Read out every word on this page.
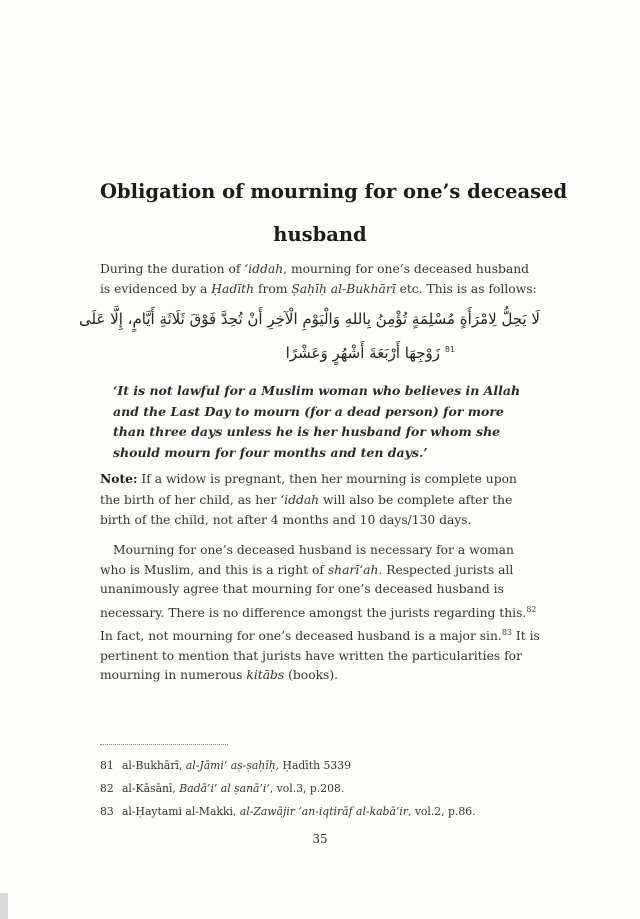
Obligation of mourning for one’s deceased
husband
During the duration of ‘iddah, mourning for one’s deceased husband is evidenced by a Ḥadīth from Ṣaḥīḥ al-Bukhārī etc. This is as follows:
لَا يَحِلُّ لِامْرَأَةٍ مُسْلِمَةٍ تُؤْمِنُ بِاللهِ وَالْيَوْمِ الْآخِرِ أَنْ تُحِدَّ فَوْقَ ثَلَاثَةِ أَيَّامٍ، إِلَّا عَلَى
$^{81}$ زَوْجِهَا أَرْبَعَةَ أَشْهُرٍ وَعَشْرًا
‘It is not lawful for a Muslim woman who believes in Allah and the Last Day to mourn (for a dead person) for more than three days unless he is her husband for whom she should mourn for four months and ten days.’
Note: If a widow is pregnant, then her mourning is complete upon the birth of her child, as her ‘iddah will also be complete after the birth of the child, not after 4 months and 10 days/130 days.
Mourning for one’s deceased husband is necessary for a woman who is Muslim, and this is a right of sharī‘ah. Respected jurists all unanimously agree that mourning for one’s deceased husband is necessary. There is no difference amongst the jurists regarding this.$^{82}$ In fact, not mourning for one’s deceased husband is a major sin.$^{83}$ It is pertinent to mention that jurists have written the particularities for mourning in numerous kitābs (books).
81 al-Bukhārī, al-Jāmi‘ aṣ-ṣaḥīḥ, Ḥadīth 5339
82 al-Kāsānī, Badā’i‘ al ṣanā’i‘, vol.3, p.208.
83 al-Ḥaytami al-Makki, al-Zawājir ‘an-iqtirāf al-kabā’ir, vol.2, p.86.
35
